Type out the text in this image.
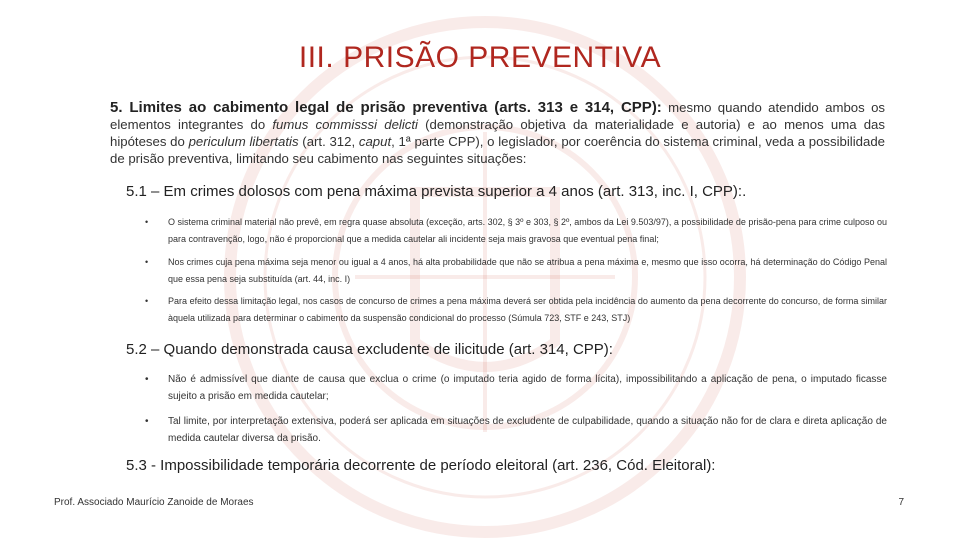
III. PRISÃO PREVENTIVA
5. Limites ao cabimento legal de prisão preventiva (arts. 313 e 314, CPP): mesmo quando atendido ambos os elementos integrantes do fumus commisssi delicti (demonstração objetiva da materialidade e autoria) e ao menos uma das hipóteses do periculum libertatis (art. 312, caput, 1ª parte CPP), o legislador, por coerência do sistema criminal, veda a possibilidade de prisão preventiva, limitando seu cabimento nas seguintes situações:
5.1 – Em crimes dolosos com pena máxima prevista superior a 4 anos (art. 313, inc. I, CPP):.
• O sistema criminal material não prevê, em regra quase absoluta (exceção, arts. 302, § 3º e 303, § 2º, ambos da Lei 9.503/97), a possibilidade de prisão-pena para crime culposo ou para contravenção, logo, não é proporcional que a medida cautelar ali incidente seja mais gravosa que eventual pena final;
• Nos crimes cuja pena máxima seja menor ou igual a 4 anos, há alta probabilidade que não se atribua a pena máxima e, mesmo que isso ocorra, há determinação do Código Penal que essa pena seja substituída (art. 44, inc. I)
• Para efeito dessa limitação legal, nos casos de concurso de crimes a pena máxima deverá ser obtida pela incidência do aumento da pena decorrente do concurso, de forma similar àquela utilizada para determinar o cabimento da suspensão condicional do processo (Súmula 723, STF e 243, STJ)
5.2 – Quando demonstrada causa excludente de ilicitude (art. 314, CPP):
• Não é admissível que diante de causa que exclua o crime (o imputado teria agido de forma lícita), impossibilitando a aplicação de pena, o imputado ficasse sujeito a prisão em medida cautelar;
• Tal limite, por interpretação extensiva, poderá ser aplicada em situações de excludente de culpabilidade, quando a situação não for de clara e direta aplicação de medida cautelar diversa da prisão.
5.3 - Impossibilidade temporária decorrente de período eleitoral (art. 236, Cód. Eleitoral):
Prof. Associado Maurício Zanoide de Moraes	7
